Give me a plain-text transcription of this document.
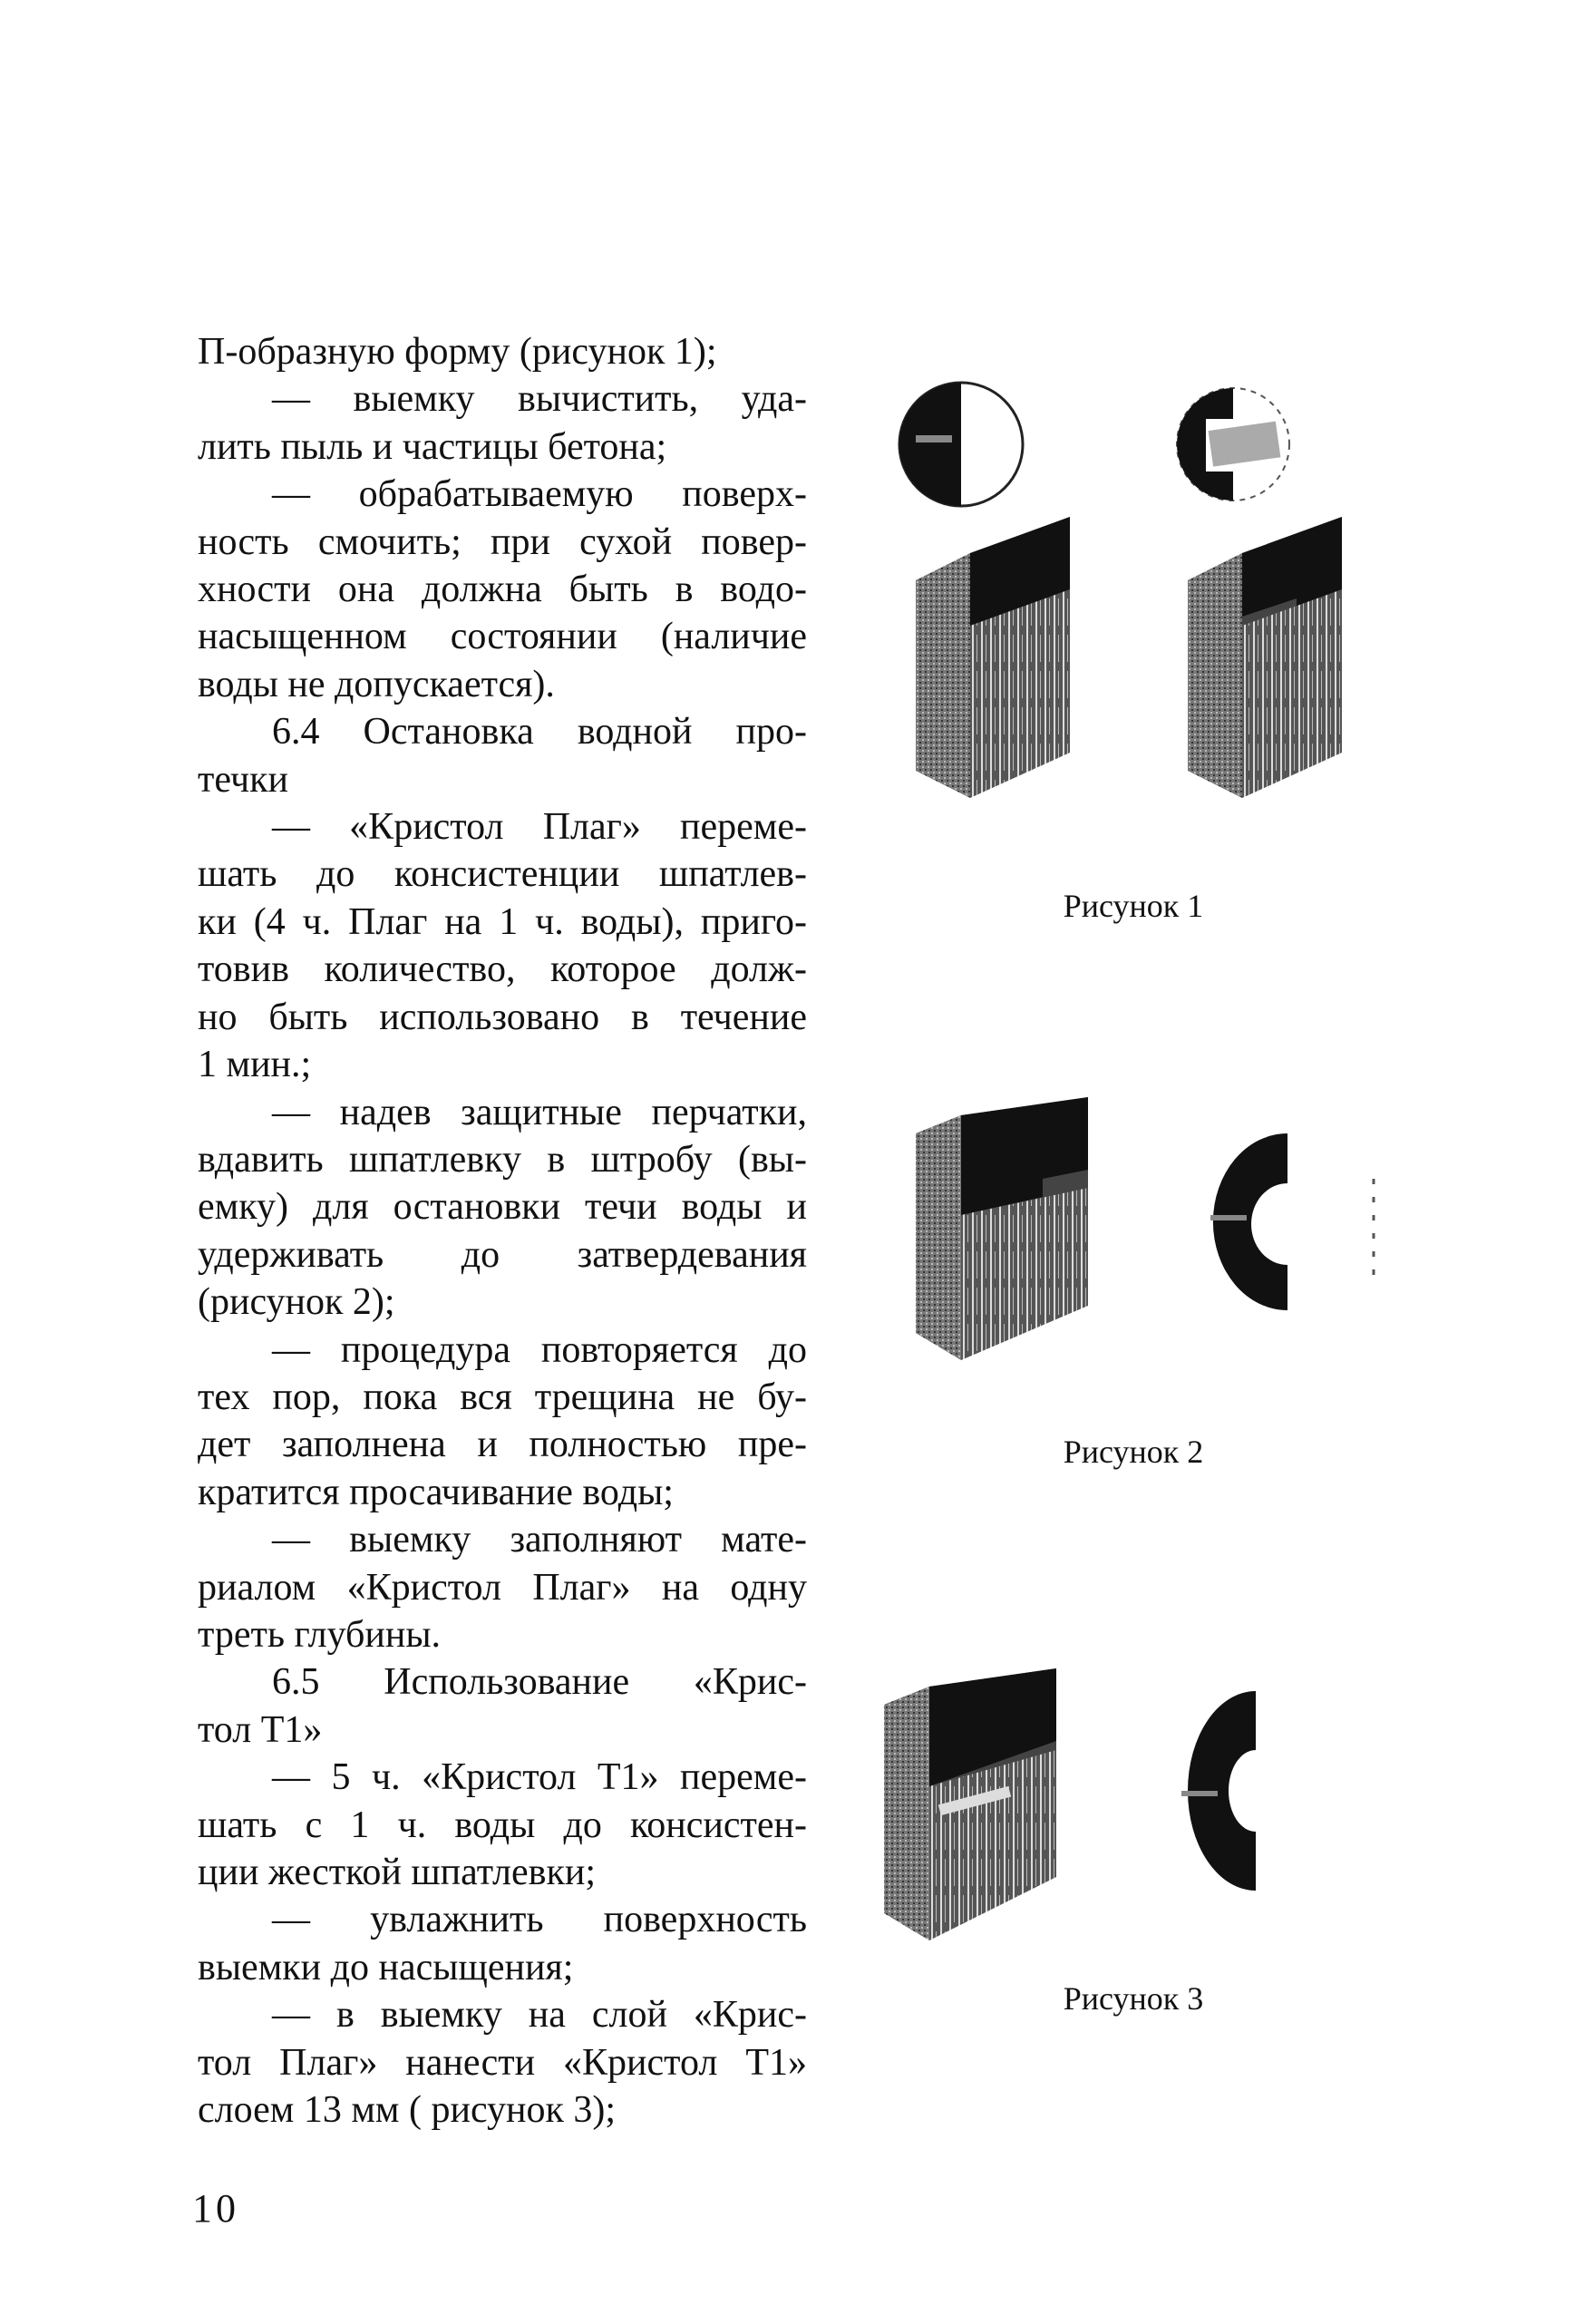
П-образную форму (рисунок 1);
— выемку вычистить, уда-
лить пыль и частицы бетона;
— обрабатываемую поверх-
ность смочить; при сухой повер-
хности она должна быть в водо-
насыщенном состоянии (наличие
воды не допускается).
6.4 Остановка водной про-
течки
— «Кристол Плаг» переме-
шать до консистенции шпатлев-
ки (4 ч. Плаг на 1 ч. воды), приго-
товив количество, которое долж-
но быть использовано в течение
1 мин.;
— надев защитные перчатки,
вдавить шпатлевку в штробу (вы-
емку) для остановки течи воды и
удерживать до затвердевания
(рисунок 2);
— процедура повторяется до
тех пор, пока вся трещина не бу-
дет заполнена и полностью пре-
кратится просачивание воды;
— выемку заполняют мате-
риалом «Кристол Плаг» на одну
треть глубины.
6.5 Использование «Крис-
тол Т1»
— 5 ч. «Кристол Т1» переме-
шать с 1 ч. воды до консистен-
ции жесткой шпатлевки;
— увлажнить поверхность
выемки до насыщения;
— в выемку на слой «Крис-
тол Плаг» нанести «Кристол Т1»
слоем 13 мм ( рисунок 3);
Рисунок 1
Рисунок 2
Рисунок 3
10
